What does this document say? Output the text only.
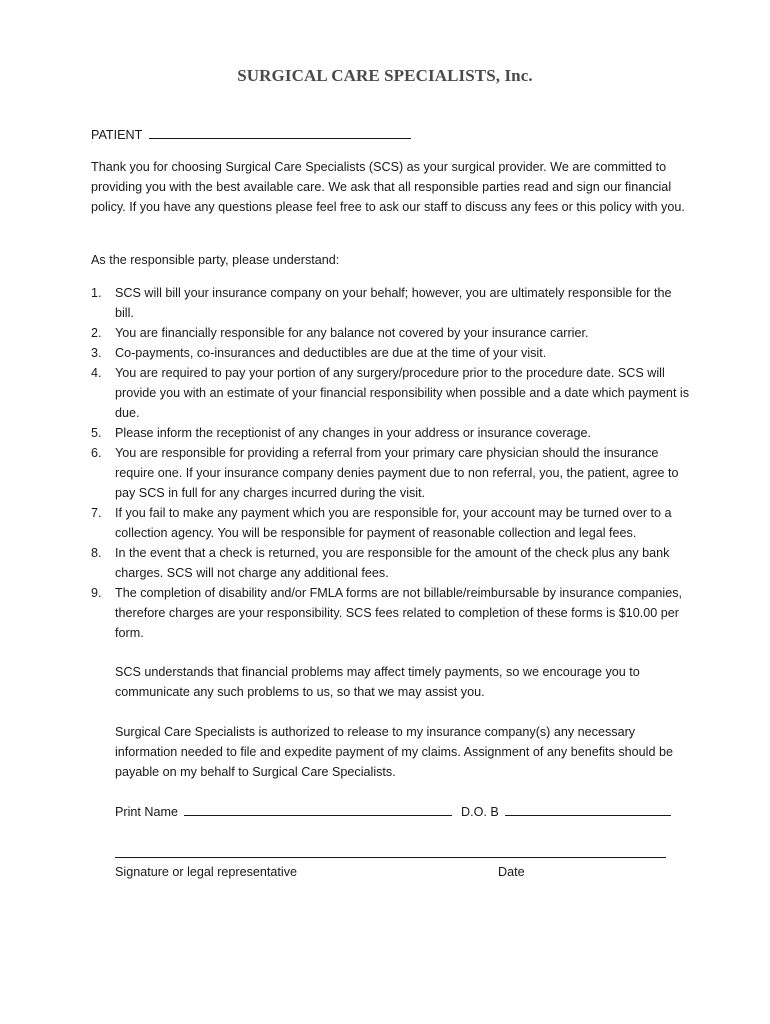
SURGICAL CARE SPECIALISTS, Inc.
PATIENT
Thank you for choosing Surgical Care Specialists (SCS) as your surgical provider. We are committed to providing you with the best available care. We ask that all responsible parties read and sign our financial policy. If you have any questions please feel free to ask our staff to discuss any fees or this policy with you.
As the responsible party, please understand:
1. SCS will bill your insurance company on your behalf; however, you are ultimately responsible for the bill.
2. You are financially responsible for any balance not covered by your insurance carrier.
3. Co-payments, co-insurances and deductibles are due at the time of your visit.
4. You are required to pay your portion of any surgery/procedure prior to the procedure date. SCS will provide you with an estimate of your financial responsibility when possible and a date which payment is due.
5. Please inform the receptionist of any changes in your address or insurance coverage.
6. You are responsible for providing a referral from your primary care physician should the insurance require one. If your insurance company denies payment due to non referral, you, the patient, agree to pay SCS in full for any charges incurred during the visit.
7. If you fail to make any payment which you are responsible for, your account may be turned over to a collection agency. You will be responsible for payment of reasonable collection and legal fees.
8. In the event that a check is returned, you are responsible for the amount of the check plus any bank charges. SCS will not charge any additional fees.
9. The completion of disability and/or FMLA forms are not billable/reimbursable by insurance companies, therefore charges are your responsibility. SCS fees related to completion of these forms is $10.00 per form.
SCS understands that financial problems may affect timely payments, so we encourage you to communicate any such problems to us, so that we may assist you.
Surgical Care Specialists is authorized to release to my insurance company(s) any necessary information needed to file and expedite payment of my claims. Assignment of any benefits should be payable on my behalf to Surgical Care Specialists.
Print Name	D.O. B
Signature or legal representative	Date
